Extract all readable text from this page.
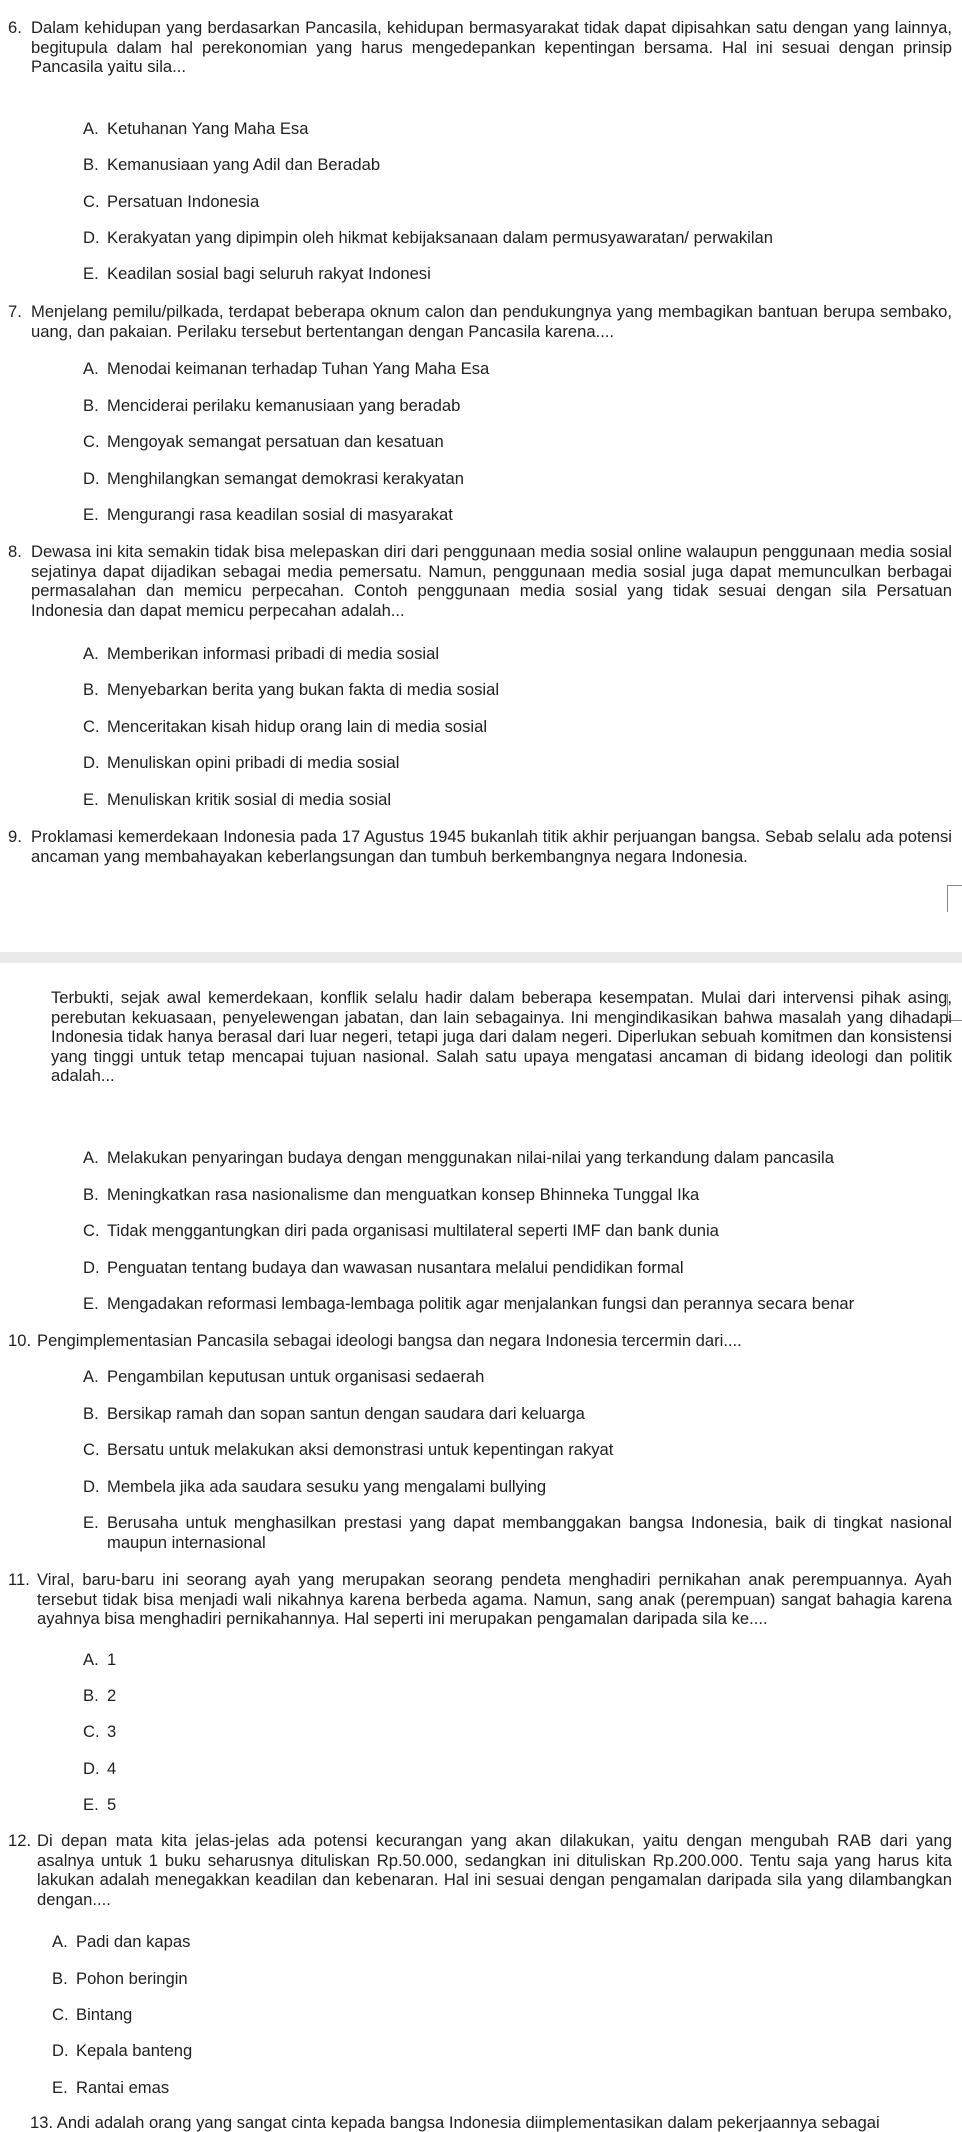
6. Dalam kehidupan yang berdasarkan Pancasila, kehidupan bermasyarakat tidak dapat dipisahkan satu dengan yang lainnya, begitupula dalam hal perekonomian yang harus mengedepankan kepentingan bersama. Hal ini sesuai dengan prinsip Pancasila yaitu sila...
A. Ketuhanan Yang Maha Esa
B. Kemanusiaan yang Adil dan Beradab
C. Persatuan Indonesia
D. Kerakyatan yang dipimpin oleh hikmat kebijaksanaan dalam permusyawaratan/ perwakilan
E. Keadilan sosial bagi seluruh rakyat Indonesi
7. Menjelang pemilu/pilkada, terdapat beberapa oknum calon dan pendukungnya yang membagikan bantuan berupa sembako, uang, dan pakaian. Perilaku tersebut bertentangan dengan Pancasila karena....
A. Menodai keimanan terhadap Tuhan Yang Maha Esa
B. Menciderai perilaku kemanusiaan yang beradab
C. Mengoyak semangat persatuan dan kesatuan
D. Menghilangkan semangat demokrasi kerakyatan
E. Mengurangi rasa keadilan sosial di masyarakat
8. Dewasa ini kita semakin tidak bisa melepaskan diri dari penggunaan media sosial online walaupun penggunaan media sosial sejatinya dapat dijadikan sebagai media pemersatu. Namun, penggunaan media sosial juga dapat memunculkan berbagai permasalahan dan memicu perpecahan. Contoh penggunaan media sosial yang tidak sesuai dengan sila Persatuan Indonesia dan dapat memicu perpecahan adalah...
A. Memberikan informasi pribadi di media sosial
B. Menyebarkan berita yang bukan fakta di media sosial
C. Menceritakan kisah hidup orang lain di media sosial
D. Menuliskan opini pribadi di media sosial
E. Menuliskan kritik sosial di media sosial
9. Proklamasi kemerdekaan Indonesia pada 17 Agustus 1945 bukanlah titik akhir perjuangan bangsa. Sebab selalu ada potensi ancaman yang membahayakan keberlangsungan dan tumbuh berkembangnya negara Indonesia.
Terbukti, sejak awal kemerdekaan, konflik selalu hadir dalam beberapa kesempatan. Mulai dari intervensi pihak asing, perebutan kekuasaan, penyelewengan jabatan, dan lain sebagainya. Ini mengindikasikan bahwa masalah yang dihadapi Indonesia tidak hanya berasal dari luar negeri, tetapi juga dari dalam negeri. Diperlukan sebuah komitmen dan konsistensi yang tinggi untuk tetap mencapai tujuan nasional. Salah satu upaya mengatasi ancaman di bidang ideologi dan politik adalah...
A. Melakukan penyaringan budaya dengan menggunakan nilai-nilai yang terkandung dalam pancasila
B. Meningkatkan rasa nasionalisme dan menguatkan konsep Bhinneka Tunggal Ika
C. Tidak menggantungkan diri pada organisasi multilateral seperti IMF dan bank dunia
D. Penguatan tentang budaya dan wawasan nusantara melalui pendidikan formal
E. Mengadakan reformasi lembaga-lembaga politik agar menjalankan fungsi dan perannya secara benar
10. Pengimplementasian Pancasila sebagai ideologi bangsa dan negara Indonesia tercermin dari....
A. Pengambilan keputusan untuk organisasi sedaerah
B. Bersikap ramah dan sopan santun dengan saudara dari keluarga
C. Bersatu untuk melakukan aksi demonstrasi untuk kepentingan rakyat
D. Membela jika ada saudara sesuku yang mengalami bullying
E. Berusaha untuk menghasilkan prestasi yang dapat membanggakan bangsa Indonesia, baik di tingkat nasional maupun internasional
11. Viral, baru-baru ini seorang ayah yang merupakan seorang pendeta menghadiri pernikahan anak perempuannya. Ayah tersebut tidak bisa menjadi wali nikahnya karena berbeda agama. Namun, sang anak (perempuan) sangat bahagia karena ayahnya bisa menghadiri pernikahannya. Hal seperti ini merupakan pengamalan daripada sila ke....
A. 1
B. 2
C. 3
D. 4
E. 5
12. Di depan mata kita jelas-jelas ada potensi kecurangan yang akan dilakukan, yaitu dengan mengubah RAB dari yang asalnya untuk 1 buku seharusnya dituliskan Rp.50.000, sedangkan ini dituliskan Rp.200.000. Tentu saja yang harus kita lakukan adalah menegakkan keadilan dan kebenaran. Hal ini sesuai dengan pengamalan daripada sila yang dilambangkan dengan....
A. Padi dan kapas
B. Pohon beringin
C. Bintang
D. Kepala banteng
E. Rantai emas
13. Andi adalah orang yang sangat cinta kepada bangsa Indonesia diimplementasikan dalam pekerjaannya sebagai
